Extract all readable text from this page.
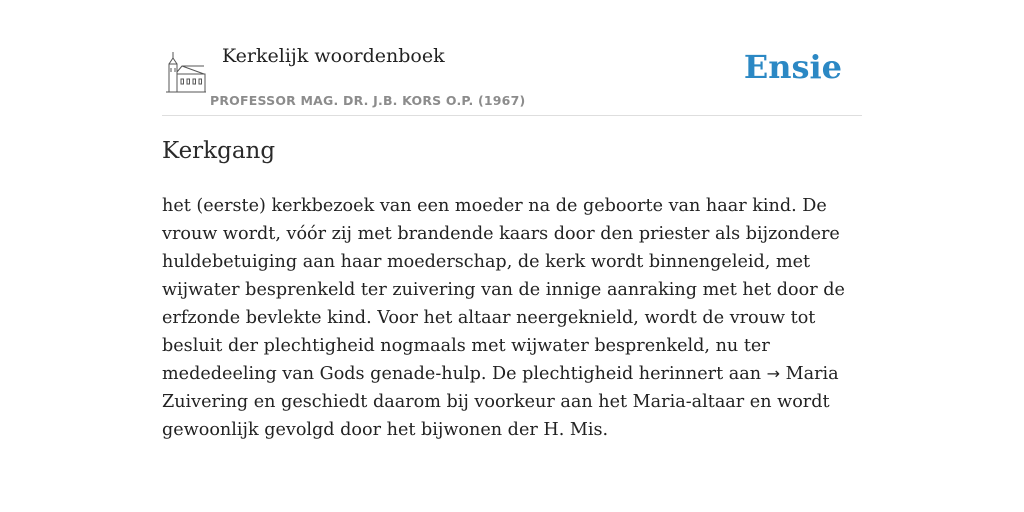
Kerkelijk woordenboek
PROFESSOR MAG. DR. J.B. KORS O.P. (1967)
Ensie
Kerkgang

het (eerste) kerkbezoek van een moeder na de geboorte van haar kind. De vrouw wordt, vóór zij met brandende kaars door den priester als bijzondere huldebetuiging aan haar moederschap, de kerk wordt binnengeleid, met wijwater besprenkeld ter zuivering van de innige aanraking met het door de erfzonde bevlekte kind. Voor het altaar neergeknield, wordt de vrouw tot besluit der plechtigheid nogmaals met wijwater besprenkeld, nu ter mededeeling van Gods genade-hulp. De plechtigheid herinnert aan → Maria Zuivering en geschiedt daarom bij voorkeur aan het Maria-altaar en wordt gewoonlijk gevolgd door het bijwonen der H. Mis.
